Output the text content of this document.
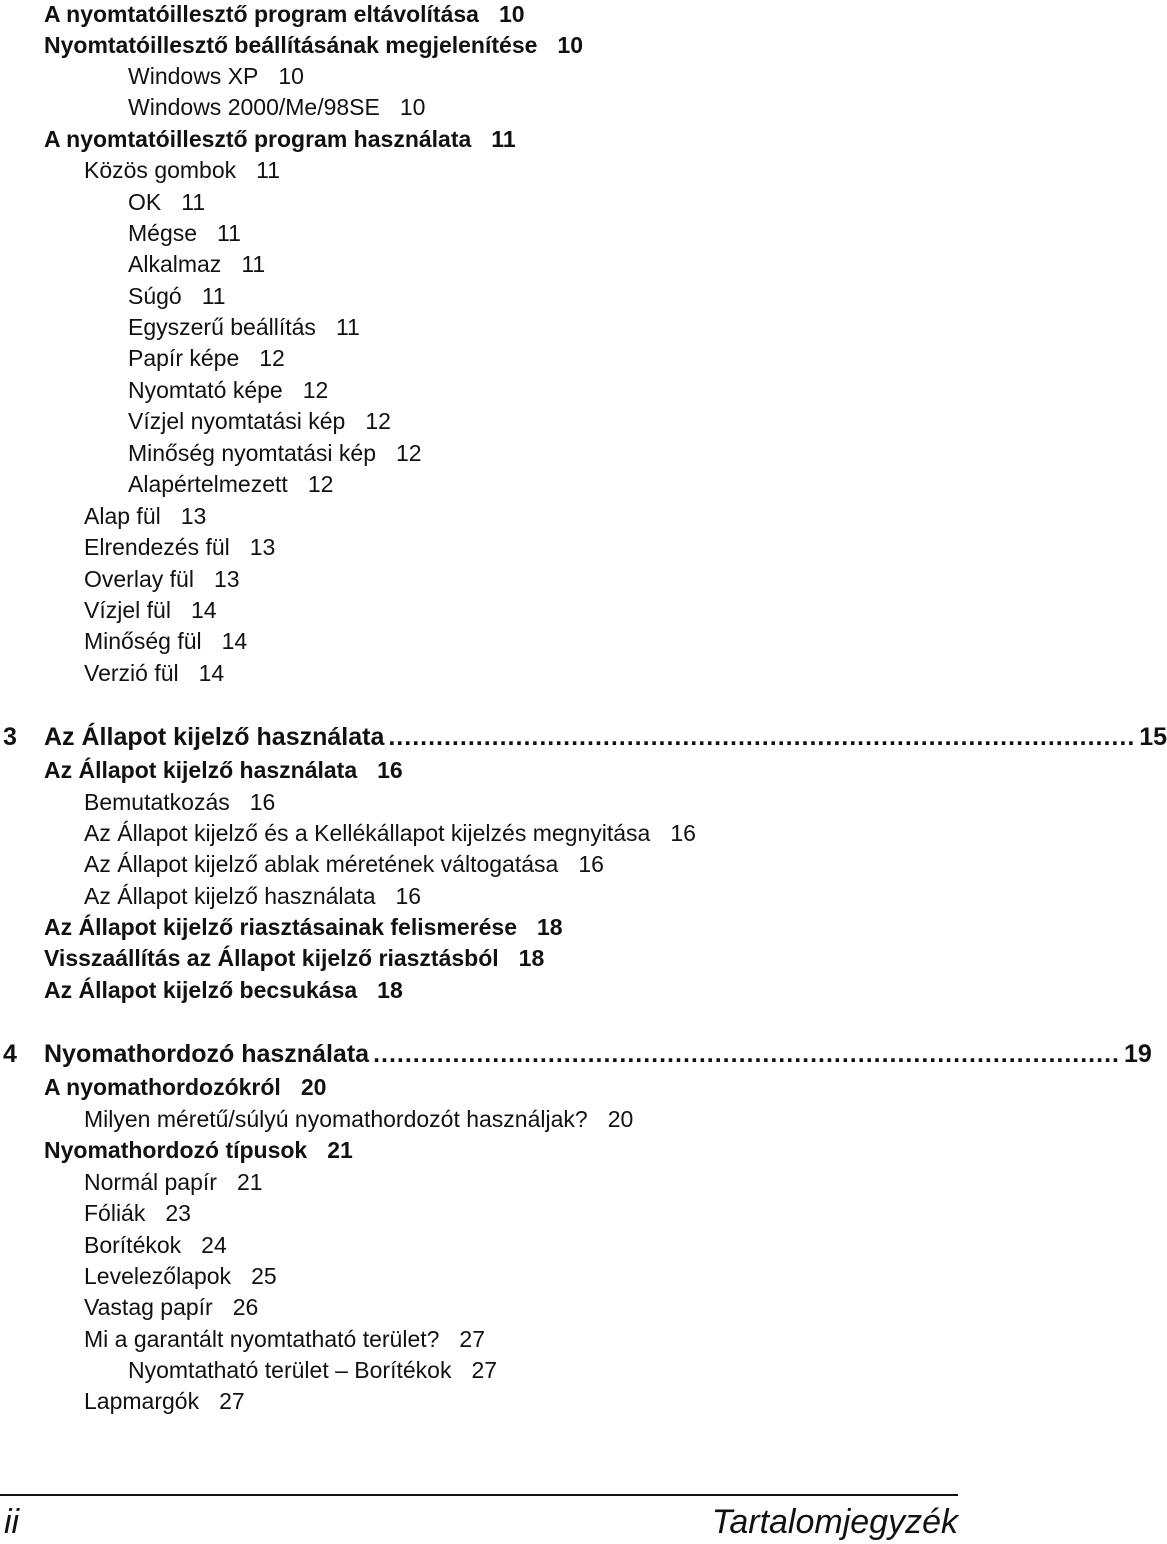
A nyomtatóillesztő program eltávolítása 10
Nyomtatóillesztő beállításának megjelenítése 10
Windows XP 10
Windows 2000/Me/98SE 10
A nyomtatóillesztő program használata 11
Közös gombok 11
OK 11
Mégse 11
Alkalmaz 11
Súgó 11
Egyszerű beállítás 11
Papír képe 12
Nyomtató képe 12
Vízjel nyomtatási kép 12
Minőség nyomtatási kép 12
Alapértelmezett 12
Alap fül 13
Elrendezés fül 13
Overlay fül 13
Vízjel fül 14
Minőség fül 14
Verzió fül 14
3	Az Állapot kijelző használata .............................................................................................. 15
Az Állapot kijelző használata 16
Bemutatkozás 16
Az Állapot kijelző és a Kellékállapot kijelzés megnyitása 16
Az Állapot kijelző ablak méretének váltogatása 16
Az Állapot kijelző használata 16
Az Állapot kijelző riasztásainak felismerése 18
Visszaállítás az Állapot kijelző riasztásból 18
Az Állapot kijelző becsukása 18
4	Nyomathordozó használata .............................................................................................. 19
A nyomathordozókról 20
Milyen méretű/súlyú nyomathordozót használjak? 20
Nyomathordozó típusok 21
Normál papír 21
Fóliák 23
Borítékok 24
Levelezőlapok 25
Vastag papír 26
Mi a garantált nyomtatható terület? 27
Nyomtatható terület – Borítékok 27
Lapmargók 27
ii	Tartalomjegyzék
